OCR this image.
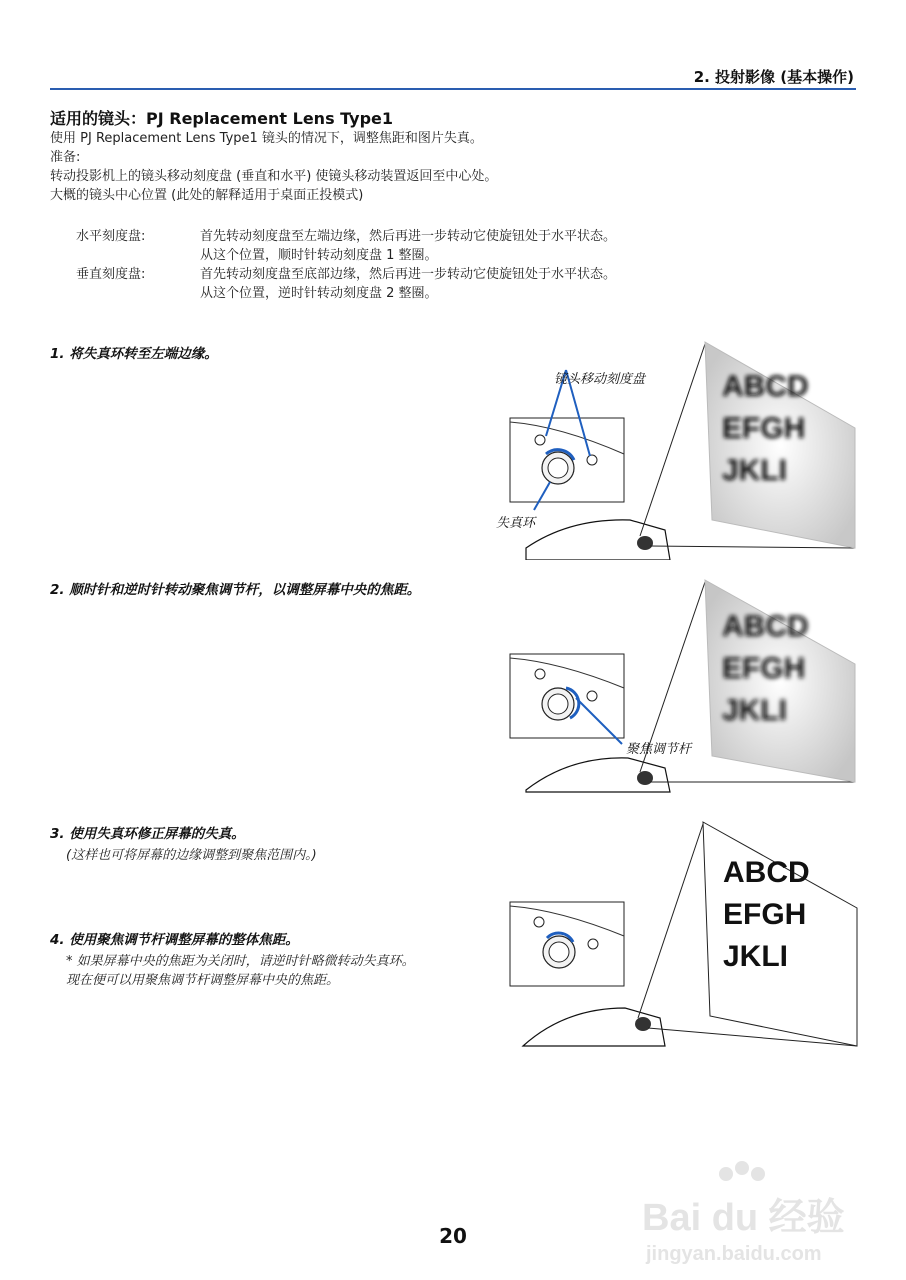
2. 投射影像 (基本操作)
适用的镜头：PJ Replacement Lens Type1
使用 PJ Replacement Lens Type1 镜头的情况下，调整焦距和图片失真。
准备:
转动投影机上的镜头移动刻度盘 (垂直和水平) 使镜头移动装置返回至中心处。
大概的镜头中心位置 (此处的解释适用于桌面正投模式)
水平刻度盘:	首先转动刻度盘至左端边缘，然后再进一步转动它使旋钮处于水平状态。
从这个位置，顺时针转动刻度盘 1 整圈。
垂直刻度盘:	首先转动刻度盘至底部边缘，然后再进一步转动它使旋钮处于水平状态。
从这个位置，逆时针转动刻度盘 2 整圈。
1. 将失真环转至左端边缘。
2. 顺时针和逆时针转动聚焦调节杆，以调整屏幕中央的焦距。
3. 使用失真环修正屏幕的失真。
(这样也可将屏幕的边缘调整到聚焦范围内。)
4. 使用聚焦调节杆调整屏幕的整体焦距。
* 如果屏幕中央的焦距为关闭时，请逆时针略微转动失真环。
现在便可以用聚焦调节杆调整屏幕中央的焦距。
ABCD
EFGH
JKLI
镜头移动刻度盘
失真环
ABCD
EFGH
JKLI
聚焦调节杆
ABCD
EFGH
JKLI
20	Bai du 经验
jingyan.baidu.com
